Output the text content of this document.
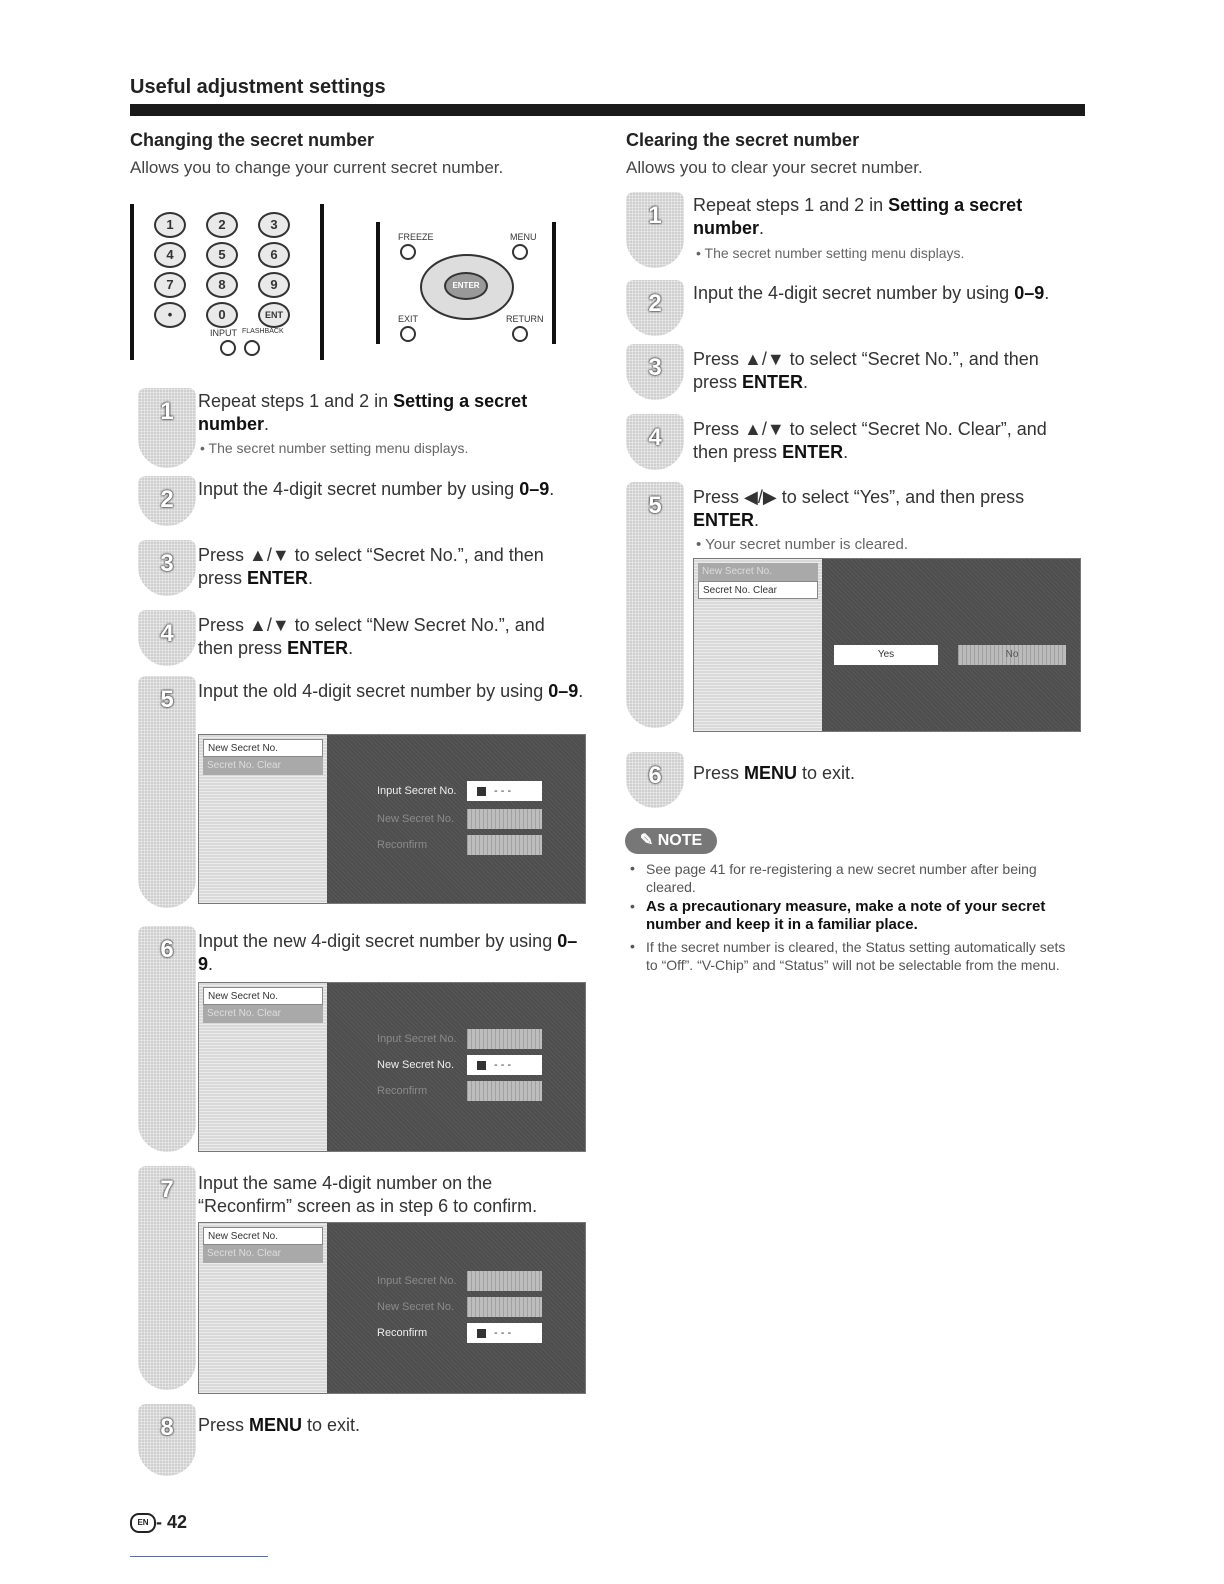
Useful adjustment settings
Changing the secret number
Allows you to change your current secret number.
1	2	3
4	5	6
7	8	9
•	0	ENT
INPUT FLASHBACK
FREEZE	MENU
ENTER
EXIT	RETURN
1	Repeat steps 1 and 2 in Setting a secret number.
• The secret number setting menu displays.
2	Input the 4-digit secret number by using 0–9.
3	Press ▲/▼ to select “Secret No.”, and then press ENTER.
4	Press ▲/▼ to select “New Secret No.”, and then press ENTER.
5	Input the old 4-digit secret number by using 0–9.
New Secret No.
Secret No. Clear
Input Secret No.	- - -
New Secret No.
Reconfirm
6	Input the new 4-digit secret number by using 0–9.
New Secret No.
Secret No. Clear
Input Secret No.
New Secret No.	- - -
Reconfirm
7	Input the same 4-digit number on the “Reconfirm” screen as in step 6 to confirm.
New Secret No.
Secret No. Clear
Input Secret No.
New Secret No.
Reconfirm	- - -
8	Press MENU to exit.
Clearing the secret number
Allows you to clear your secret number.
1	Repeat steps 1 and 2 in Setting a secret number.
• The secret number setting menu displays.
2	Input the 4-digit secret number by using 0–9.
3	Press ▲/▼ to select “Secret No.”, and then press ENTER.
4	Press ▲/▼ to select “Secret No. Clear”, and then press ENTER.
5	Press ◀/▶ to select “Yes”, and then press ENTER.
• Your secret number is cleared.
New Secret No.
Secret No. Clear
Yes	No
6	Press MENU to exit.
✎ NOTE
• See page 41 for re-registering a new secret number after being cleared.
• As a precautionary measure, make a note of your secret number and keep it in a familiar place.
• If the secret number is cleared, the Status setting automatically sets to “Off”. “V-Chip” and “Status” will not be selectable from the menu.
EN - 42
